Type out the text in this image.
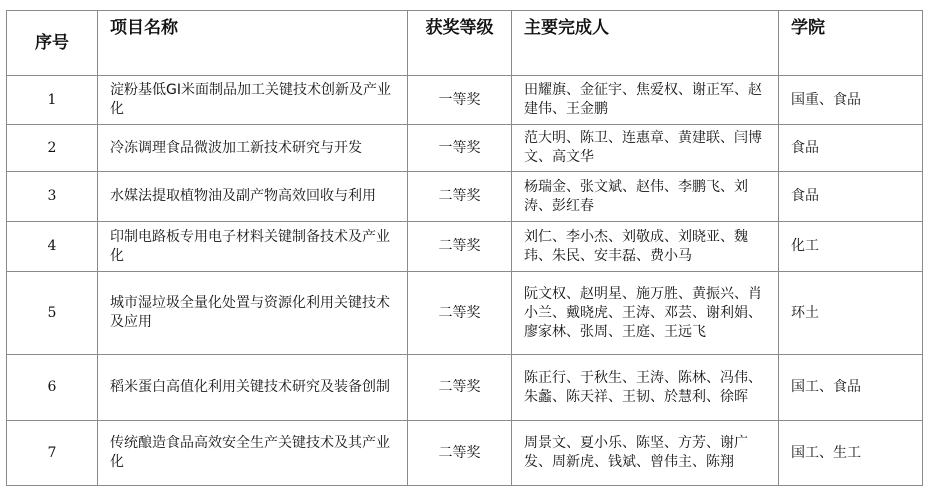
序号	项目名称	获奖等级	主要完成人	学院
1	淀粉基低GI米面制品加工关键技术创新及产业化	一等奖	田耀旗、金征宇、焦爱权、谢正军、赵建伟、王金鹏	国重、食品
2	冷冻调理食品微波加工新技术研究与开发	一等奖	范大明、陈卫、连惠章、黄建联、闫博文、高文华	食品
3	水媒法提取植物油及副产物高效回收与利用	二等奖	杨瑞金、张文斌、赵伟、李鹏飞、刘涛、彭红春	食品
4	印制电路板专用电子材料关键制备技术及产业化	二等奖	刘仁、李小杰、刘敬成、刘晓亚、魏玮、朱民、安丰磊、费小马	化工
5	城市湿垃圾全量化处置与资源化利用关键技术及应用	二等奖	阮文权、赵明星、施万胜、黄振兴、肖小兰、戴晓虎、王涛、邓芸、谢利娟、廖家林、张周、王庭、王远飞	环土
6	稻米蛋白高值化利用关键技术研究及装备创制	二等奖	陈正行、于秋生、王涛、陈林、冯伟、朱蠡、陈天祥、王韧、於慧利、徐晖	国工、食品
7	传统酿造食品高效安全生产关键技术及其产业化	二等奖	周景文、夏小乐、陈坚、方芳、谢广发、周新虎、钱斌、曾伟主、陈翔	国工、生工
